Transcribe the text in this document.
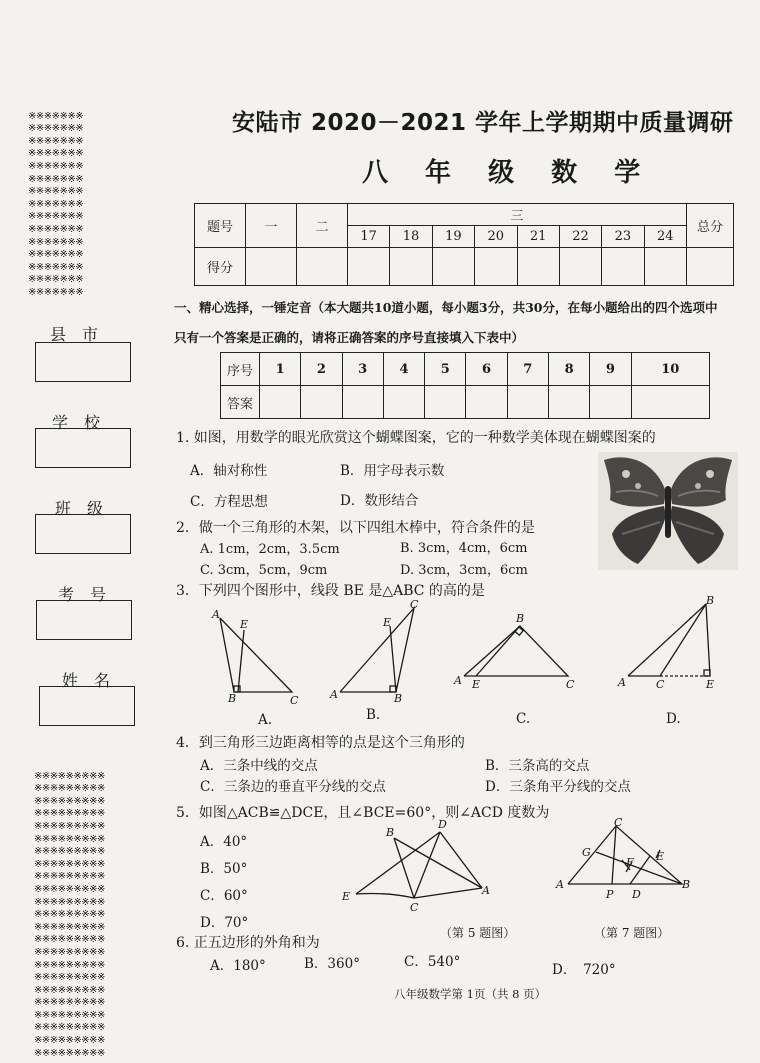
※※※※※※※
※※※※※※※
※※※※※※※
※※※※※※※
※※※※※※※
※※※※※※※
※※※※※※※
※※※※※※※
※※※※※※※
※※※※※※※
※※※※※※※
※※※※※※※
※※※※※※※
※※※※※※※
※※※※※※※
县　市
学　校
班　级
考　号
姓　名

※※※※※※※※※
※※※※※※※※※
※※※※※※※※※
※※※※※※※※※
※※※※※※※※※
※※※※※※※※※
※※※※※※※※※
※※※※※※※※※
※※※※※※※※※
※※※※※※※※※
※※※※※※※※※
※※※※※※※※※
※※※※※※※※※
※※※※※※※※※
※※※※※※※※※
※※※※※※※※※
※※※※※※※※※
※※※※※※※※※
※※※※※※※※※
※※※※※※※※※
※※※※※※※※※
※※※※※※※※※
※※※※※※※※※
安陆市 2020－2021 学年上学期期中质量调研
八 年 级 数 学
题号	一	二	三								总分
			17	18	19	20	21	22	23	24	
得分											
一、精心选择，一锤定音（本大题共10道小题，每小题3分，共30分，在每小题给出的四个选项中
只有一个答案是正确的，请将正确答案的序号直接填入下表中）
序号	1	2	3	4	5	6	7	8	9	10
答案										
1. 如图，用数学的眼光欣赏这个蝴蝶图案，它的一种数学美体现在蝴蝶图案的
A．轴对称性	B．用字母表示数
C．方程思想	D．数形结合
2．做一个三角形的木架，以下四组木棒中，符合条件的是
A. 1cm，2cm，3.5cm	B. 3cm，4cm，6cm
C. 3cm，5cm，9cm	D. 3cm，3cm，6cm
3．下列四个图形中，线段 BE 是△ABC 的高的是
A
E
B	C
E
C
A	B
B
A E	C
B
A	C	E
A.	B.	C.	D.
4．到三角形三边距离相等的点是这个三角形的
A．三条中线的交点	B．三条高的交点
C．三条边的垂直平分线的交点	D．三条角平分线的交点
5．如图△ACB≌△DCE，且∠BCE=60°，则∠ACD 度数为
A．40°
B．50°
C．60°
D．70°
D
B
E
C
A
（第 5 题图）
C
G	E
F
A
P D
B
（第 7 题图）
6. 正五边形的外角和为
A．180°	B．360°	C．540°	D．　720°
八年级数学第 1页（共 8 页）
